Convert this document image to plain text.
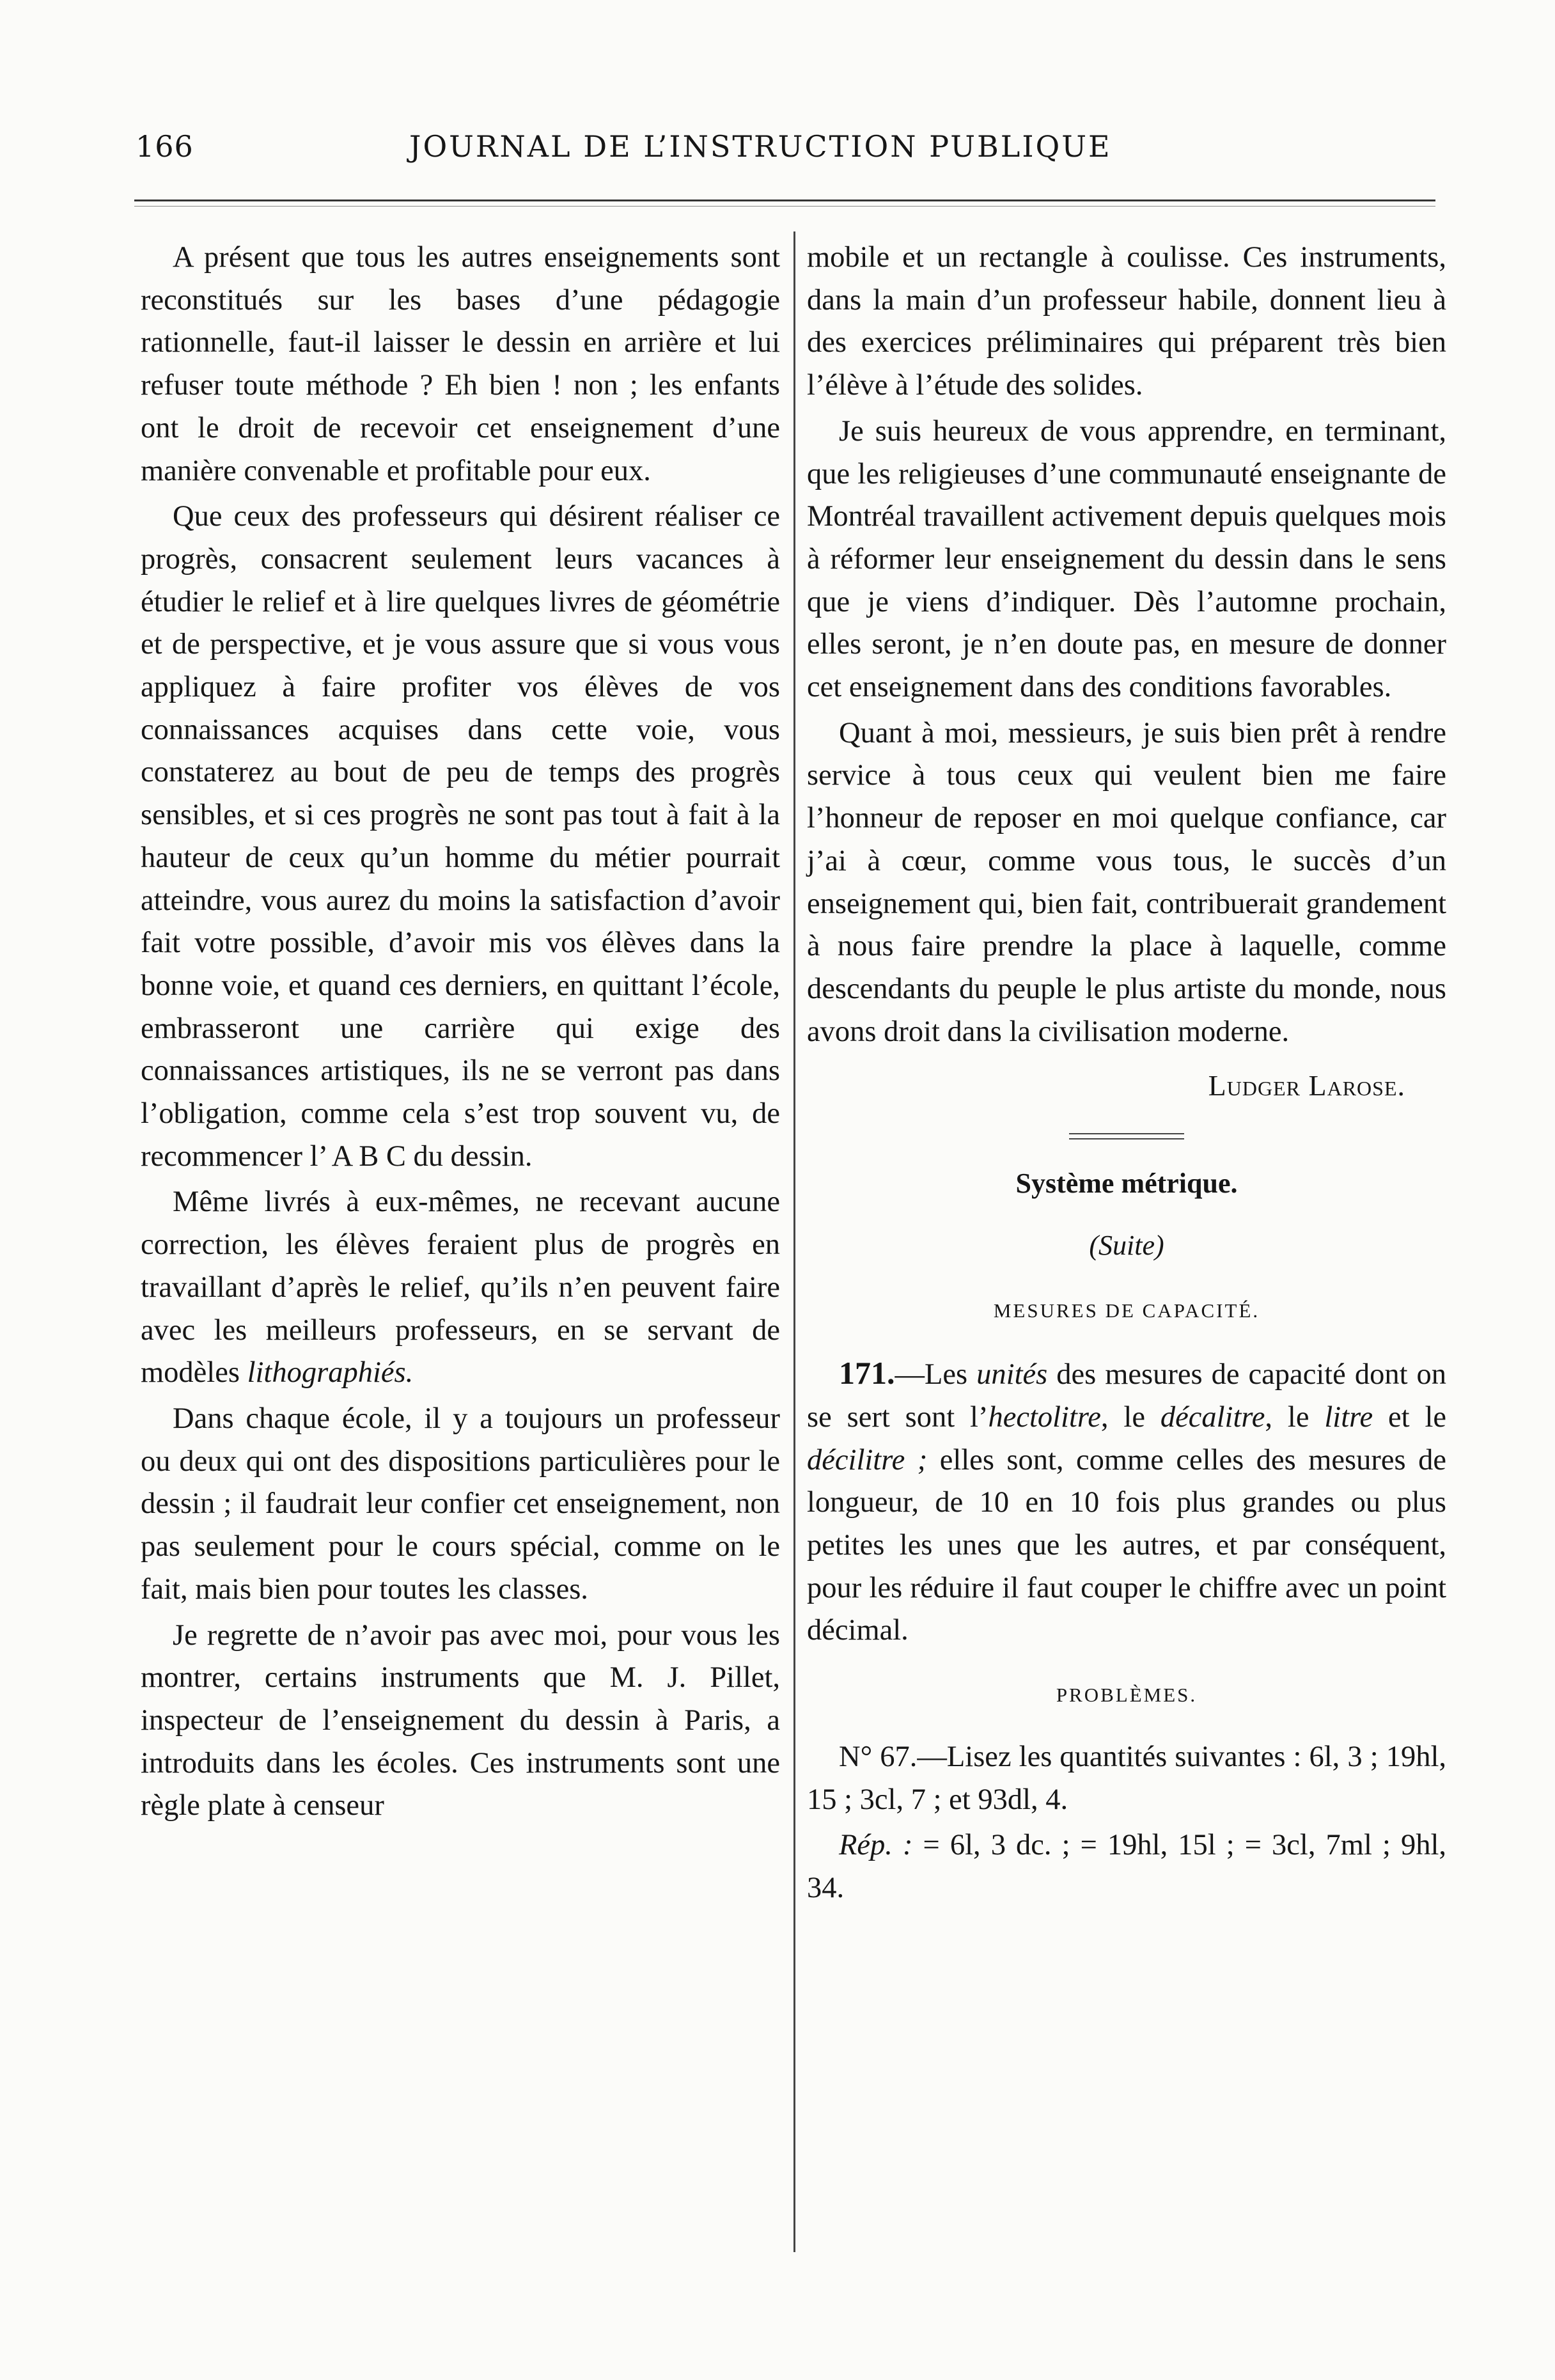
166	JOURNAL DE L’INSTRUCTION PUBLIQUE

A présent que tous les autres enseignements sont reconstitués sur les bases d’une pédagogie rationnelle, faut-il laisser le dessin en arrière et lui refuser toute méthode ? Eh bien ! non ; les enfants ont le droit de recevoir cet enseignement d’une manière convenable et profitable pour eux.

Que ceux des professeurs qui désirent réaliser ce progrès, consacrent seulement leurs vacances à étudier le relief et à lire quelques livres de géométrie et de perspective, et je vous assure que si vous vous appliquez à faire profiter vos élèves de vos connaissances acquises dans cette voie, vous constaterez au bout de peu de temps des progrès sensibles, et si ces progrès ne sont pas tout à fait à la hauteur de ceux qu’un homme du métier pourrait atteindre, vous aurez du moins la satisfaction d’avoir fait votre possible, d’avoir mis vos élèves dans la bonne voie, et quand ces derniers, en quittant l’école, embrasseront une carrière qui exige des connaissances artistiques, ils ne se verront pas dans l’obligation, comme cela s’est trop souvent vu, de recommencer l’ A B C du dessin.

Même livrés à eux-mêmes, ne recevant aucune correction, les élèves feraient plus de progrès en travaillant d’après le relief, qu’ils n’en peuvent faire avec les meilleurs professeurs, en se servant de modèles lithographiés.

Dans chaque école, il y a toujours un professeur ou deux qui ont des dispositions particulières pour le dessin ; il faudrait leur confier cet enseignement, non pas seulement pour le cours spécial, comme on le fait, mais bien pour toutes les classes.

Je regrette de n’avoir pas avec moi, pour vous les montrer, certains instruments que M. J. Pillet, inspecteur de l’enseignement du dessin à Paris, a introduits dans les écoles. Ces instruments sont une règle plate à censeur

mobile et un rectangle à coulisse. Ces instruments, dans la main d’un professeur habile, donnent lieu à des exercices préliminaires qui préparent très bien l’élève à l’étude des solides.

Je suis heureux de vous apprendre, en terminant, que les religieuses d’une communauté enseignante de Montréal travaillent activement depuis quelques mois à réformer leur enseignement du dessin dans le sens que je viens d’indiquer. Dès l’automne prochain, elles seront, je n’en doute pas, en mesure de donner cet enseignement dans des conditions favorables.

Quant à moi, messieurs, je suis bien prêt à rendre service à tous ceux qui veulent bien me faire l’honneur de reposer en moi quelque confiance, car j’ai à cœur, comme vous tous, le succès d’un enseignement qui, bien fait, contribuerait grandement à nous faire prendre la place à laquelle, comme descendants du peuple le plus artiste du monde, nous avons droit dans la civilisation moderne.

Ludger Larose.
Système métrique.
(Suite)
MESURES DE CAPACITÉ.

171.—Les unités des mesures de capacité dont on se sert sont l’hectolitre, le décalitre, le litre et le décilitre ; elles sont, comme celles des mesures de longueur, de 10 en 10 fois plus grandes ou plus petites les unes que les autres, et par conséquent, pour les réduire il faut couper le chiffre avec un point décimal.

PROBLÈMES.

N° 67.—Lisez les quantités suivantes : 6l, 3 ; 19hl, 15 ; 3cl, 7 ; et 93dl, 4.

Rép. : = 6l, 3 dc. ; = 19hl, 15l ; = 3cl, 7ml ; 9hl, 34.
